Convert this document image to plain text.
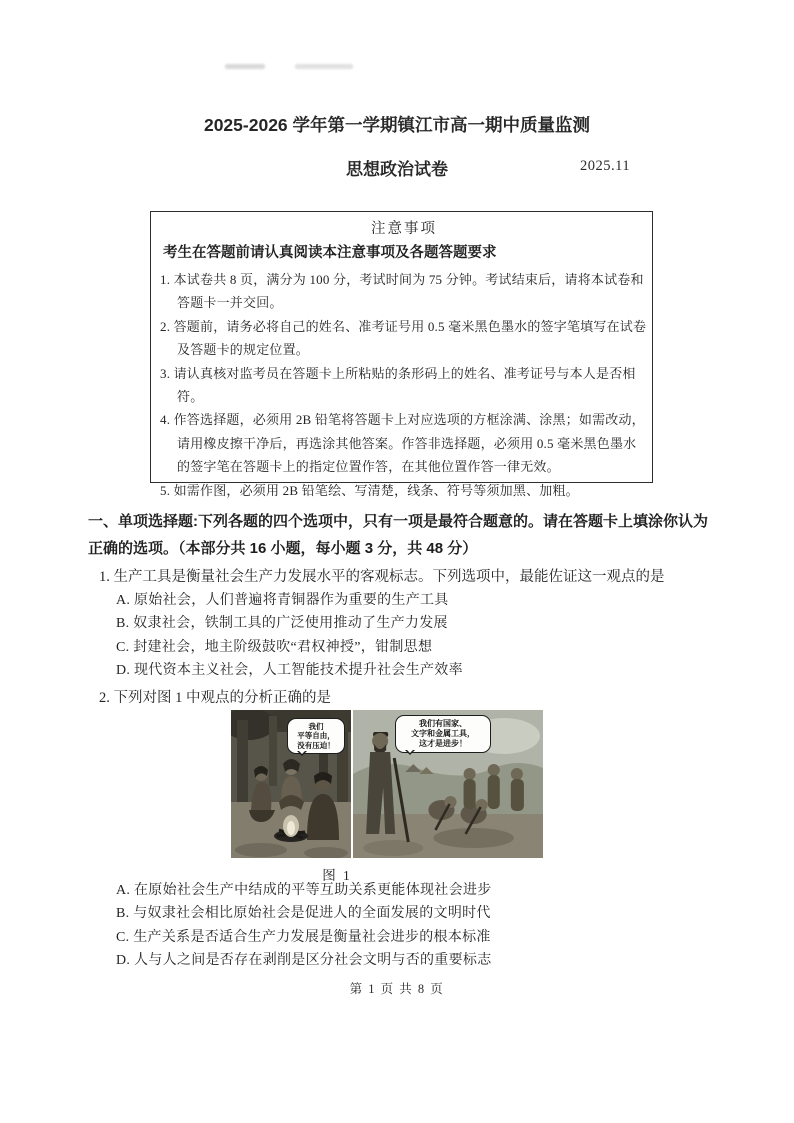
2025-2026 学年第一学期镇江市高一期中质量监测
思想政治试卷	2025.11
注意事项
考生在答题前请认真阅读本注意事项及各题答题要求

1. 本试卷共 8 页，满分为 100 分，考试时间为 75 分钟。考试结束后，请将本试卷和答题卡一并交回。

2. 答题前，请务必将自己的姓名、准考证号用 0.5 毫米黑色墨水的签字笔填写在试卷及答题卡的规定位置。

3. 请认真核对监考员在答题卡上所粘贴的条形码上的姓名、准考证号与本人是否相符。

4. 作答选择题，必须用 2B 铅笔将答题卡上对应选项的方框涂满、涂黑；如需改动，请用橡皮擦干净后，再选涂其他答案。作答非选择题，必须用 0.5 毫米黑色墨水的签字笔在答题卡上的指定位置作答，在其他位置作答一律无效。

5. 如需作图，必须用 2B 铅笔绘、写清楚，线条、符号等须加黑、加粗。

一、单项选择题:下列各题的四个选项中，只有一项是最符合题意的。请在答题卡上填涂你认为正确的选项。（本部分共 16 小题，每小题 3 分，共 48 分）
1. 生产工具是衡量社会生产力发展水平的客观标志。下列选项中，最能佐证这一观点的是

A. 原始社会，人们普遍将青铜器作为重要的生产工具

B. 奴隶社会，铁制工具的广泛使用推动了生产力发展

C. 封建社会，地主阶级鼓吹“君权神授”，钳制思想

D. 现代资本主义社会，人工智能技术提升社会生产效率

2. 下列对图 1 中观点的分析正确的是
我们
平等自由，
没有压迫！
我们有国家、
文字和金属工具，
这才是进步！
图 1

A. 在原始社会生产中结成的平等互助关系更能体现社会进步

B. 与奴隶社会相比原始社会是促进人的全面发展的文明时代

C. 生产关系是否适合生产力发展是衡量社会进步的根本标准

D. 人与人之间是否存在剥削是区分社会文明与否的重要标志

第 1 页 共 8 页
